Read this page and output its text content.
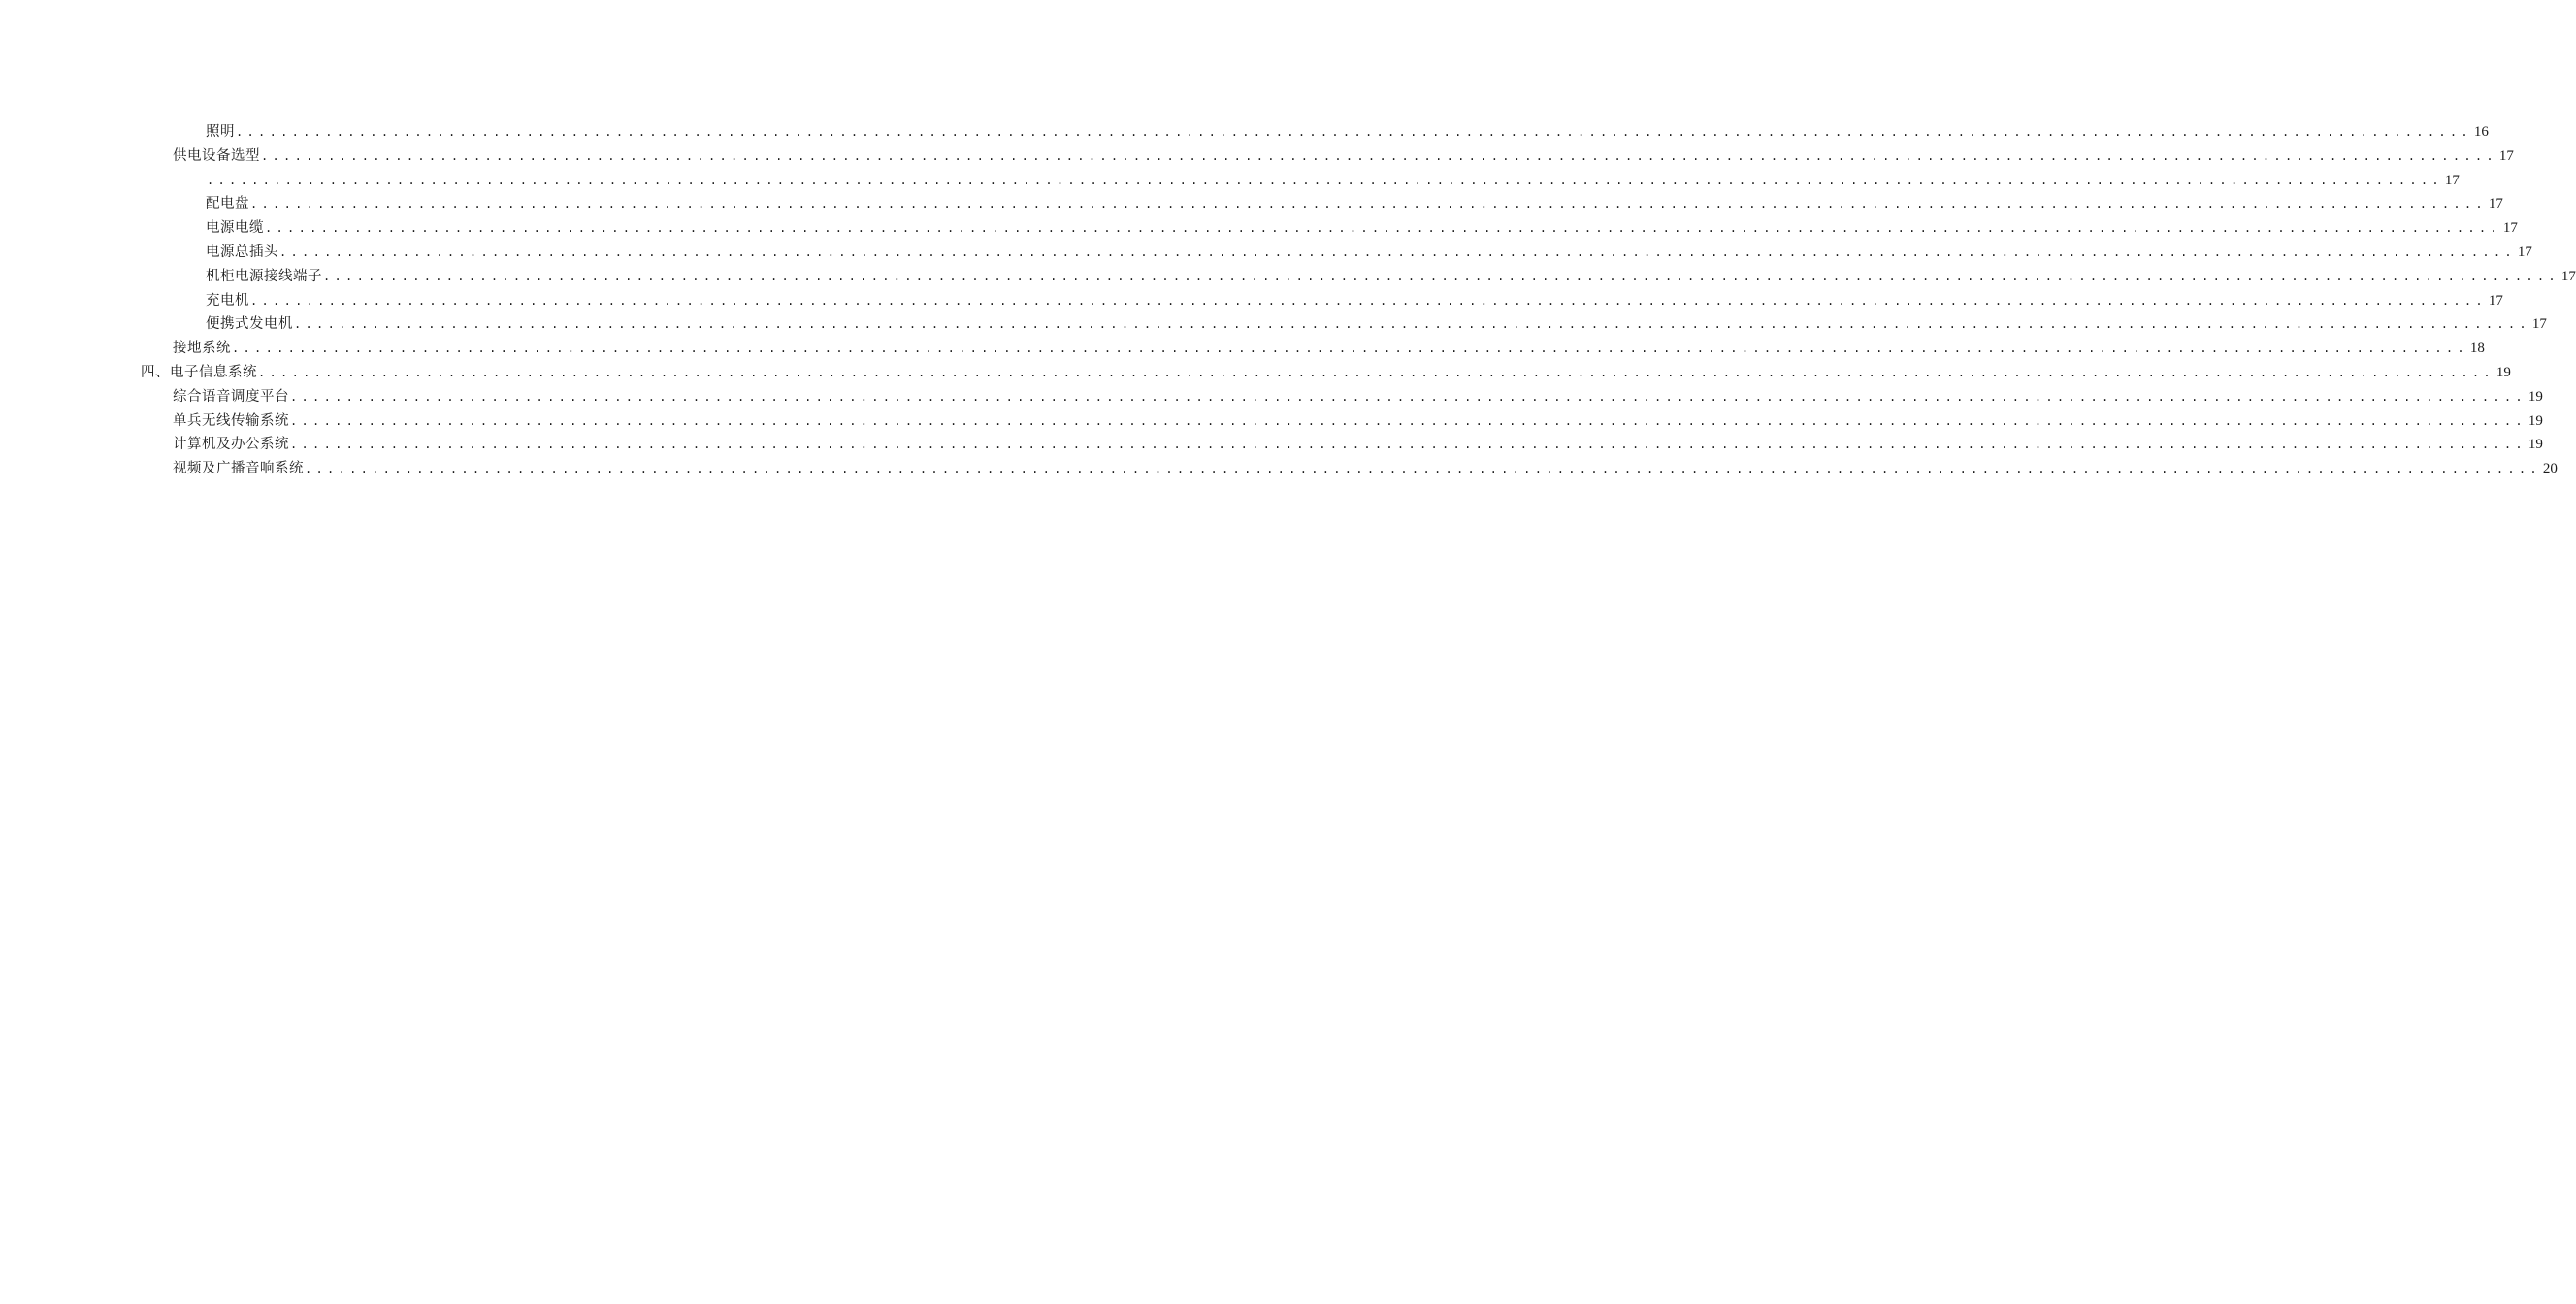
照明 ........................................................................................................................................................................................................ 16
供电设备选型 ........................................................................................................................................................................................................ 17
........................................................................................................................................................................................................ 17
配电盘 ........................................................................................................................................................................................................ 17
电源电缆 ........................................................................................................................................................................................................ 17
电源总插头 ........................................................................................................................................................................................................ 17
机柜电源接线端子 ........................................................................................................................................................................................................ 17
充电机 ........................................................................................................................................................................................................ 17
便携式发电机 ........................................................................................................................................................................................................ 17
接地系统 ........................................................................................................................................................................................................ 18
四、电子信息系统 ........................................................................................................................................................................................................ 19
综合语音调度平台 ........................................................................................................................................................................................................ 19
单兵无线传输系统 ........................................................................................................................................................................................................ 19
计算机及办公系统 ........................................................................................................................................................................................................ 19
视频及广播音响系统 ........................................................................................................................................................................................................ 20
